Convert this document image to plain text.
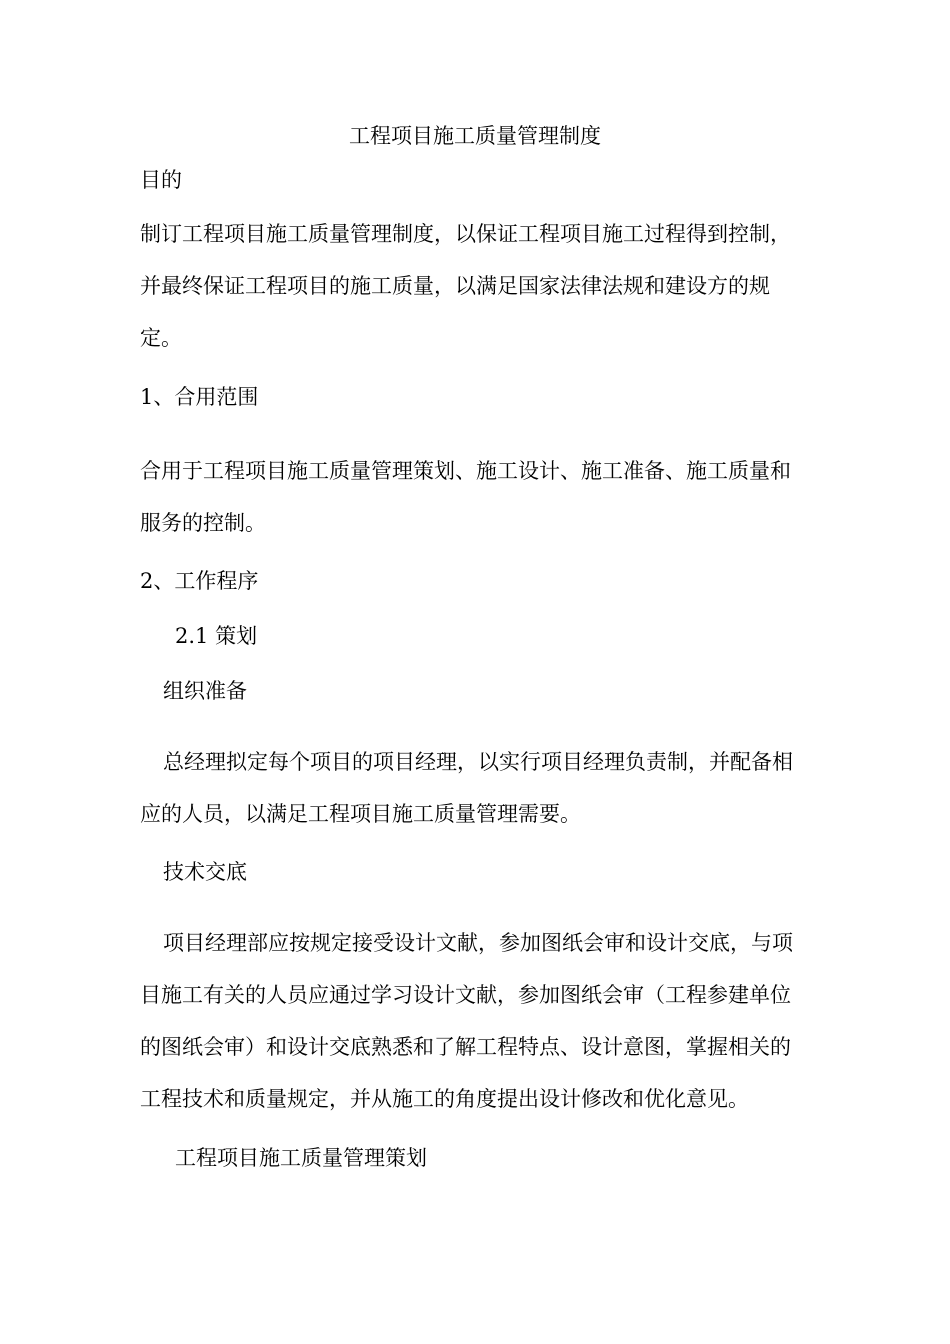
工程项目施工质量管理制度
目的
制订工程项目施工质量管理制度，以保证工程项目施工过程得到控制，
并最终保证工程项目的施工质量，以满足国家法律法规和建设方的规
定。
1、合用范围
合用于工程项目施工质量管理策划、施工设计、施工准备、施工质量和
服务的控制。
2、工作程序
2.1 策划
组织准备
总经理拟定每个项目的项目经理，以实行项目经理负责制，并配备相
应的人员，以满足工程项目施工质量管理需要。
技术交底
项目经理部应按规定接受设计文献，参加图纸会审和设计交底，与项
目施工有关的人员应通过学习设计文献，参加图纸会审（工程参建单位
的图纸会审）和设计交底熟悉和了解工程特点、设计意图，掌握相关的
工程技术和质量规定，并从施工的角度提出设计修改和优化意见。
工程项目施工质量管理策划
